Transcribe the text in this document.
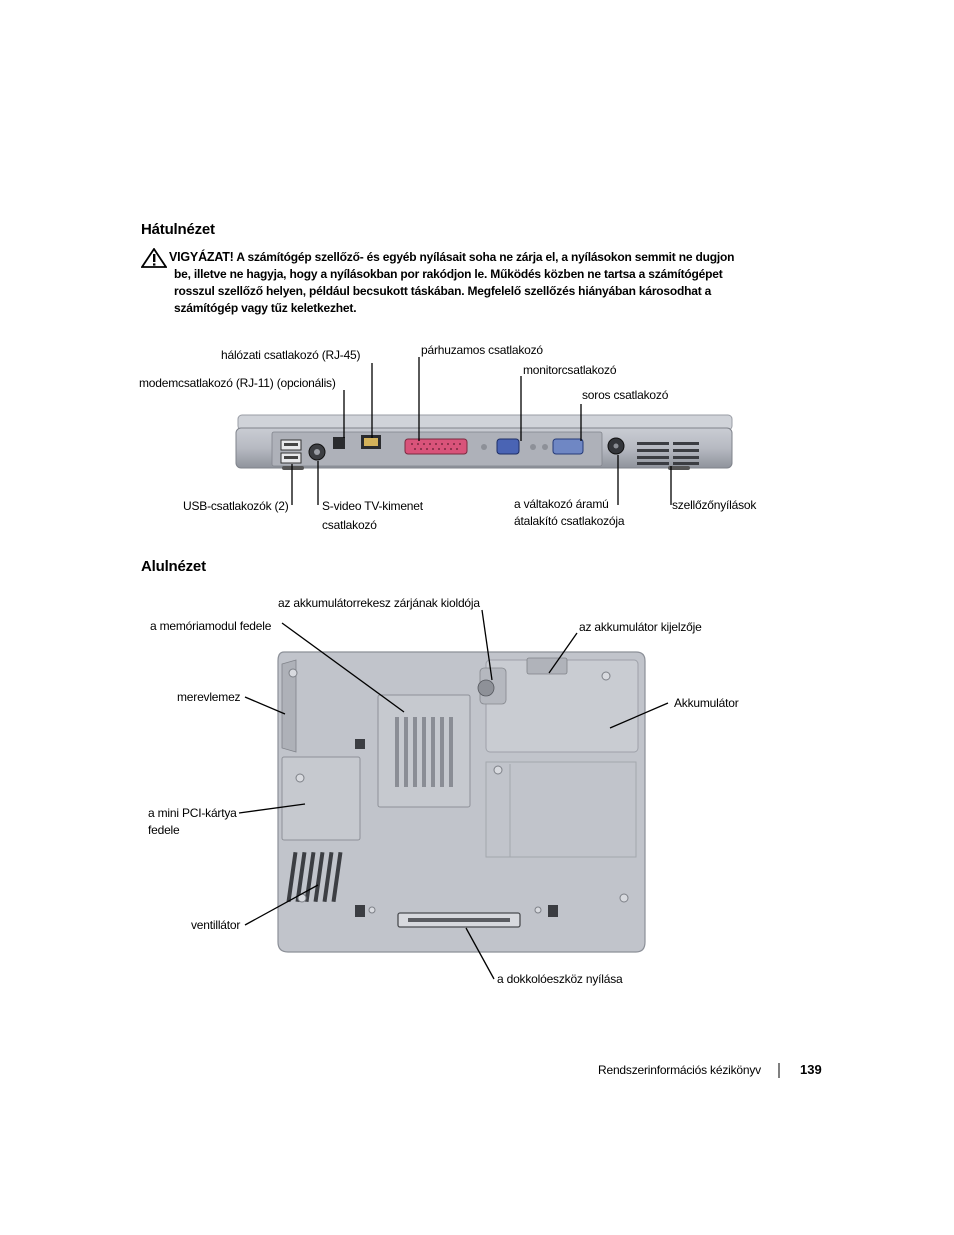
Hátulnézet
Alulnézet
VIGYÁZAT! A számítógép szellőző- és egyéb nyílásait soha ne zárja el, a nyílásokon semmit ne dugjon
be, illetve ne hagyja, hogy a nyílásokban por rakódjon le. Működés közben ne tartsa a számítógépet
rosszul szellőző helyen, például becsukott táskában. Megfelelő szellőzés hiányában károsodhat a
számítógép vagy tűz keletkezhet.
hálózati csatlakozó (RJ-45)
modemcsatlakozó (RJ-11) (opcionális)
párhuzamos csatlakozó
monitorcsatlakozó
soros csatlakozó
USB-csatlakozók (2)	S-video TV-kimenet
csatlakozó
a váltakozó áramú
átalakító csatlakozója
szellőzőnyílások
az akkumulátorrekesz zárjának kioldója
a memóriamodul fedele	az akkumulátor kijelzője
merevlemez	Akkumulátor
a mini PCI-kártya
fedele
ventillátor
a dokkolóeszköz nyílása
Rendszerinformációs kézikönyv	139
